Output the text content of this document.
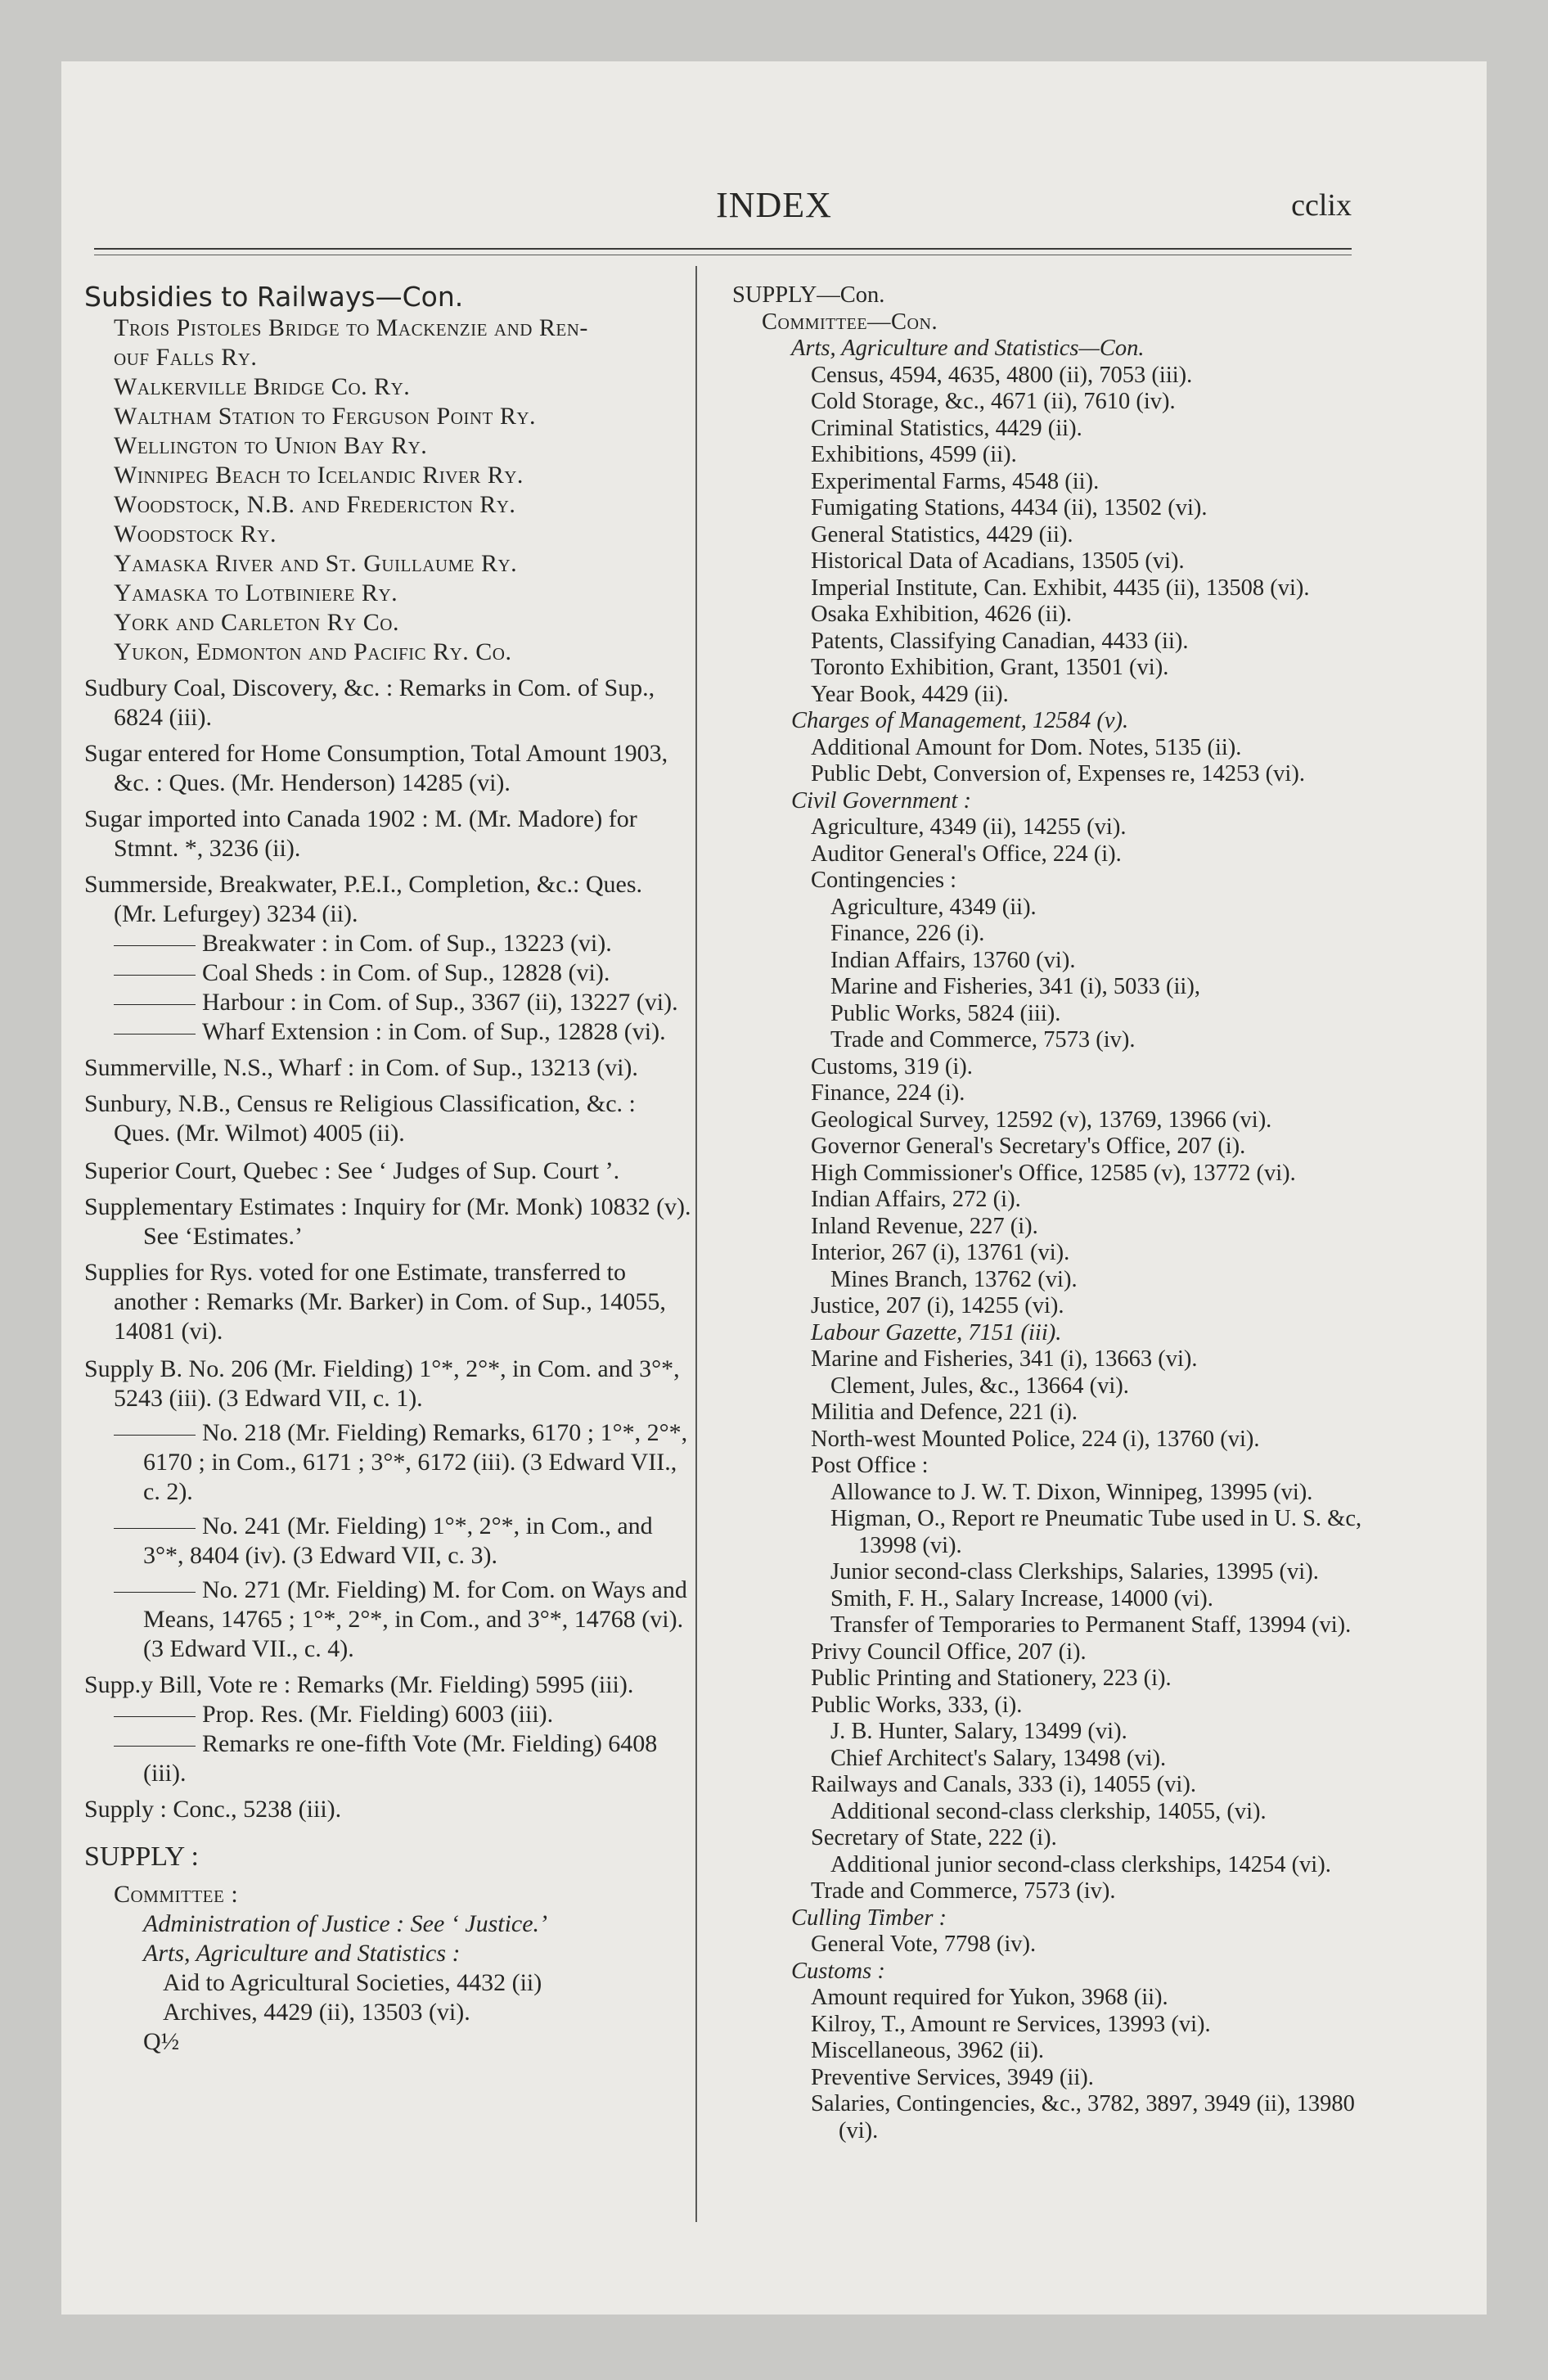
INDEX	cclix
Subsidies to Railways—Con.
Trois Pistoles Bridge to Mackenzie and Ren-
ouf Falls Ry.
Walkerville Bridge Co. Ry.
Waltham Station to Ferguson Point Ry.
Wellington to Union Bay Ry.
Winnipeg Beach to Icelandic River Ry.
Woodstock, N.B. and Fredericton Ry.
Woodstock Ry.
Yamaska River and St. Guillaume Ry.
Yamaska to Lotbiniere Ry.
York and Carleton Ry Co.
Yukon, Edmonton and Pacific Ry. Co.
Sudbury Coal, Discovery, &c. : Remarks in Com. of Sup., 6824 (iii).
Sugar entered for Home Consumption, Total Amount 1903, &c. : Ques. (Mr. Henderson) 14285 (vi).
Sugar imported into Canada 1902 : M. (Mr. Madore) for Stmnt. *, 3236 (ii).
Summerside, Breakwater, P.E.I., Completion, &c.: Ques. (Mr. Lefurgey) 3234 (ii).
Breakwater : in Com. of Sup., 13223 (vi).
Coal Sheds : in Com. of Sup., 12828 (vi).
Harbour : in Com. of Sup., 3367 (ii), 13227 (vi).
Wharf Extension : in Com. of Sup., 12828 (vi).
Summerville, N.S., Wharf : in Com. of Sup., 13213 (vi).
Sunbury, N.B., Census re Religious Classification, &c. : Ques. (Mr. Wilmot) 4005 (ii).
Superior Court, Quebec : See ‘ Judges of Sup. Court ’.
Supplementary Estimates : Inquiry for (Mr. Monk) 10832 (v).
See ‘Estimates.’
Supplies for Rys. voted for one Estimate, transferred to another : Remarks (Mr. Barker) in Com. of Sup., 14055, 14081 (vi).
Supply B. No. 206 (Mr. Fielding) 1°*, 2°*, in Com. and 3°*, 5243 (iii). (3 Edward VII, c. 1).
No. 218 (Mr. Fielding) Remarks, 6170 ; 1°*, 2°*, 6170 ; in Com., 6171 ; 3°*, 6172 (iii). (3 Edward VII., c. 2).
No. 241 (Mr. Fielding) 1°*, 2°*, in Com., and 3°*, 8404 (iv). (3 Edward VII, c. 3).
No. 271 (Mr. Fielding) M. for Com. on Ways and Means, 14765 ; 1°*, 2°*, in Com., and 3°*, 14768 (vi). (3 Edward VII., c. 4).
Supp.y Bill, Vote re : Remarks (Mr. Fielding) 5995 (iii).
Prop. Res. (Mr. Fielding) 6003 (iii).
Remarks re one-fifth Vote (Mr. Fielding) 6408 (iii).
Supply : Conc., 5238 (iii).
SUPPLY :
Committee :
Administration of Justice : See ‘ Justice.’
Arts, Agriculture and Statistics :
Aid to Agricultural Societies, 4432 (ii)
Archives, 4429 (ii), 13503 (vi).
Q½
SUPPLY—Con.
Committee—Con.
Arts, Agriculture and Statistics—Con.
Census, 4594, 4635, 4800 (ii), 7053 (iii).
Cold Storage, &c., 4671 (ii), 7610 (iv).
Criminal Statistics, 4429 (ii).
Exhibitions, 4599 (ii).
Experimental Farms, 4548 (ii).
Fumigating Stations, 4434 (ii), 13502 (vi).
General Statistics, 4429 (ii).
Historical Data of Acadians, 13505 (vi).
Imperial Institute, Can. Exhibit, 4435 (ii), 13508 (vi).
Osaka Exhibition, 4626 (ii).
Patents, Classifying Canadian, 4433 (ii).
Toronto Exhibition, Grant, 13501 (vi).
Year Book, 4429 (ii).
Charges of Management, 12584 (v).
Additional Amount for Dom. Notes, 5135 (ii).
Public Debt, Conversion of, Expenses re, 14253 (vi).
Civil Government :
Agriculture, 4349 (ii), 14255 (vi).
Auditor General's Office, 224 (i).
Contingencies :
Agriculture, 4349 (ii).
Finance, 226 (i).
Indian Affairs, 13760 (vi).
Marine and Fisheries, 341 (i), 5033 (ii),
Public Works, 5824 (iii).
Trade and Commerce, 7573 (iv).
Customs, 319 (i).
Finance, 224 (i).
Geological Survey, 12592 (v), 13769, 13966 (vi).
Governor General's Secretary's Office, 207 (i).
High Commissioner's Office, 12585 (v), 13772 (vi).
Indian Affairs, 272 (i).
Inland Revenue, 227 (i).
Interior, 267 (i), 13761 (vi).
Mines Branch, 13762 (vi).
Justice, 207 (i), 14255 (vi).
Labour Gazette, 7151 (iii).
Marine and Fisheries, 341 (i), 13663 (vi).
Clement, Jules, &c., 13664 (vi).
Militia and Defence, 221 (i).
North-west Mounted Police, 224 (i), 13760 (vi).
Post Office :
Allowance to J. W. T. Dixon, Winnipeg, 13995 (vi).
Higman, O., Report re Pneumatic Tube used in U. S. &c, 13998 (vi).
Junior second-class Clerkships, Salaries, 13995 (vi).
Smith, F. H., Salary Increase, 14000 (vi).
Transfer of Temporaries to Permanent Staff, 13994 (vi).
Privy Council Office, 207 (i).
Public Printing and Stationery, 223 (i).
Public Works, 333, (i).
J. B. Hunter, Salary, 13499 (vi).
Chief Architect's Salary, 13498 (vi).
Railways and Canals, 333 (i), 14055 (vi).
Additional second-class clerkship, 14055, (vi).
Secretary of State, 222 (i).
Additional junior second-class clerkships, 14254 (vi).
Trade and Commerce, 7573 (iv).
Culling Timber :
General Vote, 7798 (iv).
Customs :
Amount required for Yukon, 3968 (ii).
Kilroy, T., Amount re Services, 13993 (vi).
Miscellaneous, 3962 (ii).
Preventive Services, 3949 (ii).
Salaries, Contingencies, &c., 3782, 3897, 3949 (ii), 13980 (vi).
